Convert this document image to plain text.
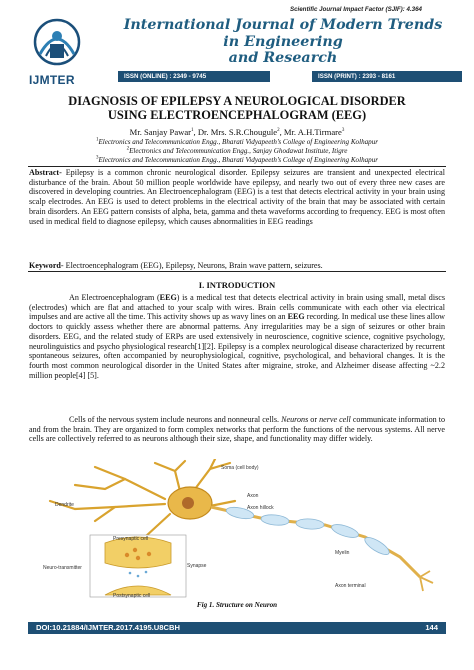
Scientific Journal Impact Factor (SJIF): 4.364
IJMTER
International Journal of Modern Trends in Engineering
and Research
ISSN (ONLINE) : 2349 - 9745	ISSN (PRINT) : 2393 - 8161
DIAGNOSIS OF EPILEPSY A NEUROLOGICAL DISORDER
USING ELECTROENCEPHALOGRAM (EEG)
Mr. Sanjay Pawar$^1$, Dr. Mrs. S.R.Chougule$^2$, Mr. A.H.Tirmare$^3$
$^1$Electronics and Telecommunication Engg., Bharati Vidyapeeth’s College of Engineering Kolhapur
$^2$Electronics and Telecommunication Engg., Sanjay Ghodawat Institute, Itigre
$^3$Electronics and Telecommunication Engg., Bharati Vidyapeeth’s College of Engineering Kolhapur
Abstract- Epilepsy is a common chronic neurological disorder. Epilepsy seizures are transient and unexpected electrical disturbance of the brain. About 50 million people worldwide have epilepsy, and nearly two out of every three new cases are discovered in developing countries. An Electroencephalogram (EEG) is a test that detects electrical activity in your brain using scalp electrodes. An EEG is used to detect problems in the electrical activity of the brain that may be associated with certain brain disorders. An EEG pattern consists of alpha, beta, gamma and theta waveforms according to frequency. EEG is most often used in medical field to diagnose epilepsy, which causes abnormalities in EEG readings
Keyword- Electroencephalogram (EEG), Epilepsy, Neurons, Brain wave pattern, seizures.
I. INTRODUCTION
An Electroencephalogram (EEG) is a medical test that detects electrical activity in brain using small, metal discs (electrodes) which are flat and attached to your scalp with wires. Brain cells communicate with each other via electrical impulses and are active all the time. This activity shows up as wavy lines on an EEG recording. In medical use these lines allow doctors to quickly assess whether there are abnormal patterns. Any irregularities may be a sign of seizures or other brain disorders. EEG, and the related study of ERPs are used extensively in neuroscience, cognitive science, cognitive psychology, neurolinguistics and psycho physiological research[1][2]. Epilepsy is a complex neurological disease characterized by recurrent spontaneous seizures, often accompanied by neurophysiological, cognitive, psychological, and behavioral changes. It is the fourth most common neurological disorder in the United States after migraine, stroke, and Alzheimer disease affecting ~2.2 million people[4] [5].
Cells of the nervous system include neurons and nonneural cells. Neurons or nerve cell communicate information to and from the brain. They are organized to form complex networks that perform the functions of the nervous systems. All nerve cells are collectively referred to as neurons although their size, shape, and functionality may differ widely.
Soma (cell body)
Dendrite
Axon
Axon hillock
Myelin
Presynaptic cell
Synapse
Neuro-transmitter
Postsynaptic cell
Axon terminal
Fig 1. Structure on Neuron
DOI:10.21884/IJMTER.2017.4195.U8CBH	144
